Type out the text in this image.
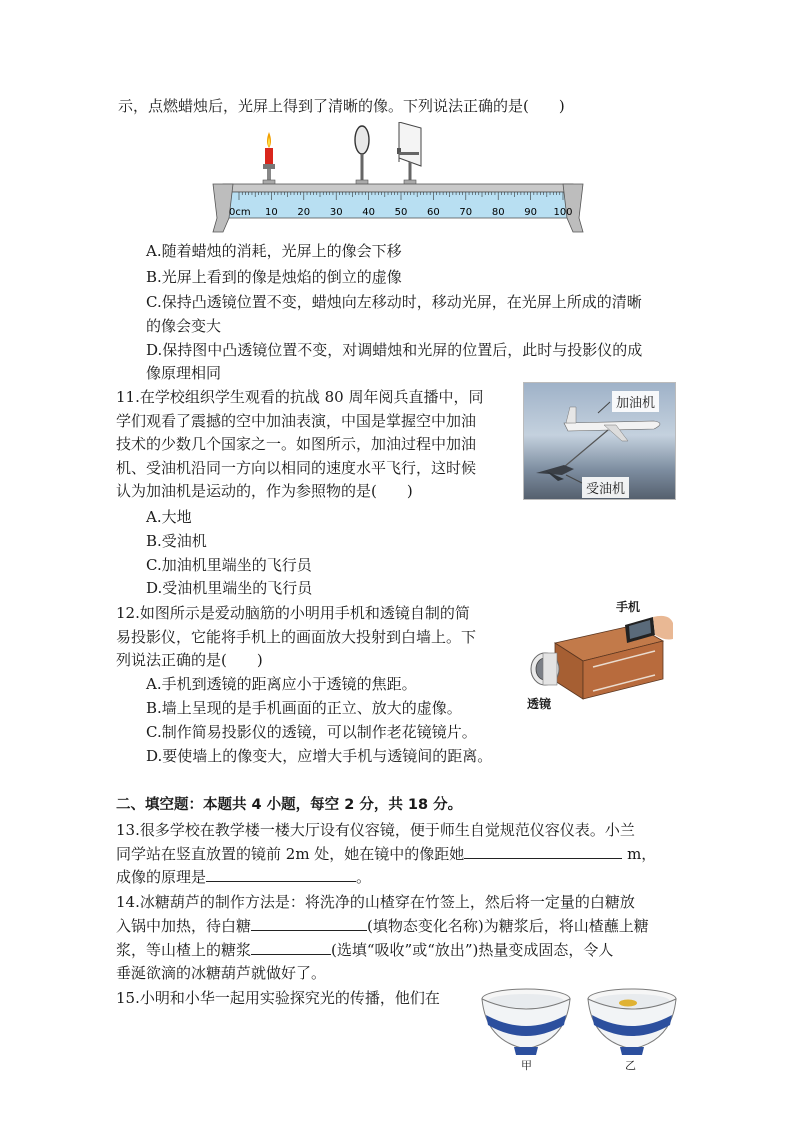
示，点燃蜡烛后，光屏上得到了清晰的像。下列说法正确的是(　　)
0cm 10 20 30 40 50 60 70 80 90 100
A.随着蜡烛的消耗，光屏上的像会下移
B.光屏上看到的像是烛焰的倒立的虚像
C.保持凸透镜位置不变，蜡烛向左移动时，移动光屏，在光屏上所成的清晰
的像会变大
D.保持图中凸透镜位置不变，对调蜡烛和光屏的位置后，此时与投影仪的成
像原理相同
11.在学校组织学生观看的抗战 80 周年阅兵直播中，同
学们观看了震撼的空中加油表演，中国是掌握空中加油
技术的少数几个国家之一。如图所示，加油过程中加油
机、受油机沿同一方向以相同的速度水平飞行，这时候
认为加油机是运动的，作为参照物的是(　　)
加油机
受油机
A.大地
B.受油机
C.加油机里端坐的飞行员
D.受油机里端坐的飞行员
12.如图所示是爱动脑筋的小明用手机和透镜自制的简
易投影仪，它能将手机上的画面放大投射到白墙上。下
列说法正确的是(　　)
手机
透镜
A.手机到透镜的距离应小于透镜的焦距。
B.墙上呈现的是手机画面的正立、放大的虚像。
C.制作简易投影仪的透镜，可以制作老花镜镜片。
D.要使墙上的像变大，应增大手机与透镜间的距离。
二、填空题：本题共 4 小题，每空 2 分，共 18 分。
13.很多学校在教学楼一楼大厅设有仪容镜，便于师生自觉规范仪容仪表。小兰
同学站在竖直放置的镜前 2m 处，她在镜中的像距她	m，
成像的原理是	。
14.冰糖葫芦的制作方法是：将洗净的山楂穿在竹签上，然后将一定量的白糖放
入锅中加热，待白糖	(填物态变化名称)为糖浆后，将山楂蘸上糖
浆，等山楂上的糖浆	(选填“吸收”或“放出”)热量变成固态，令人
垂涎欲滴的冰糖葫芦就做好了。
15.小明和小华一起用实验探究光的传播，他们在
甲	乙
